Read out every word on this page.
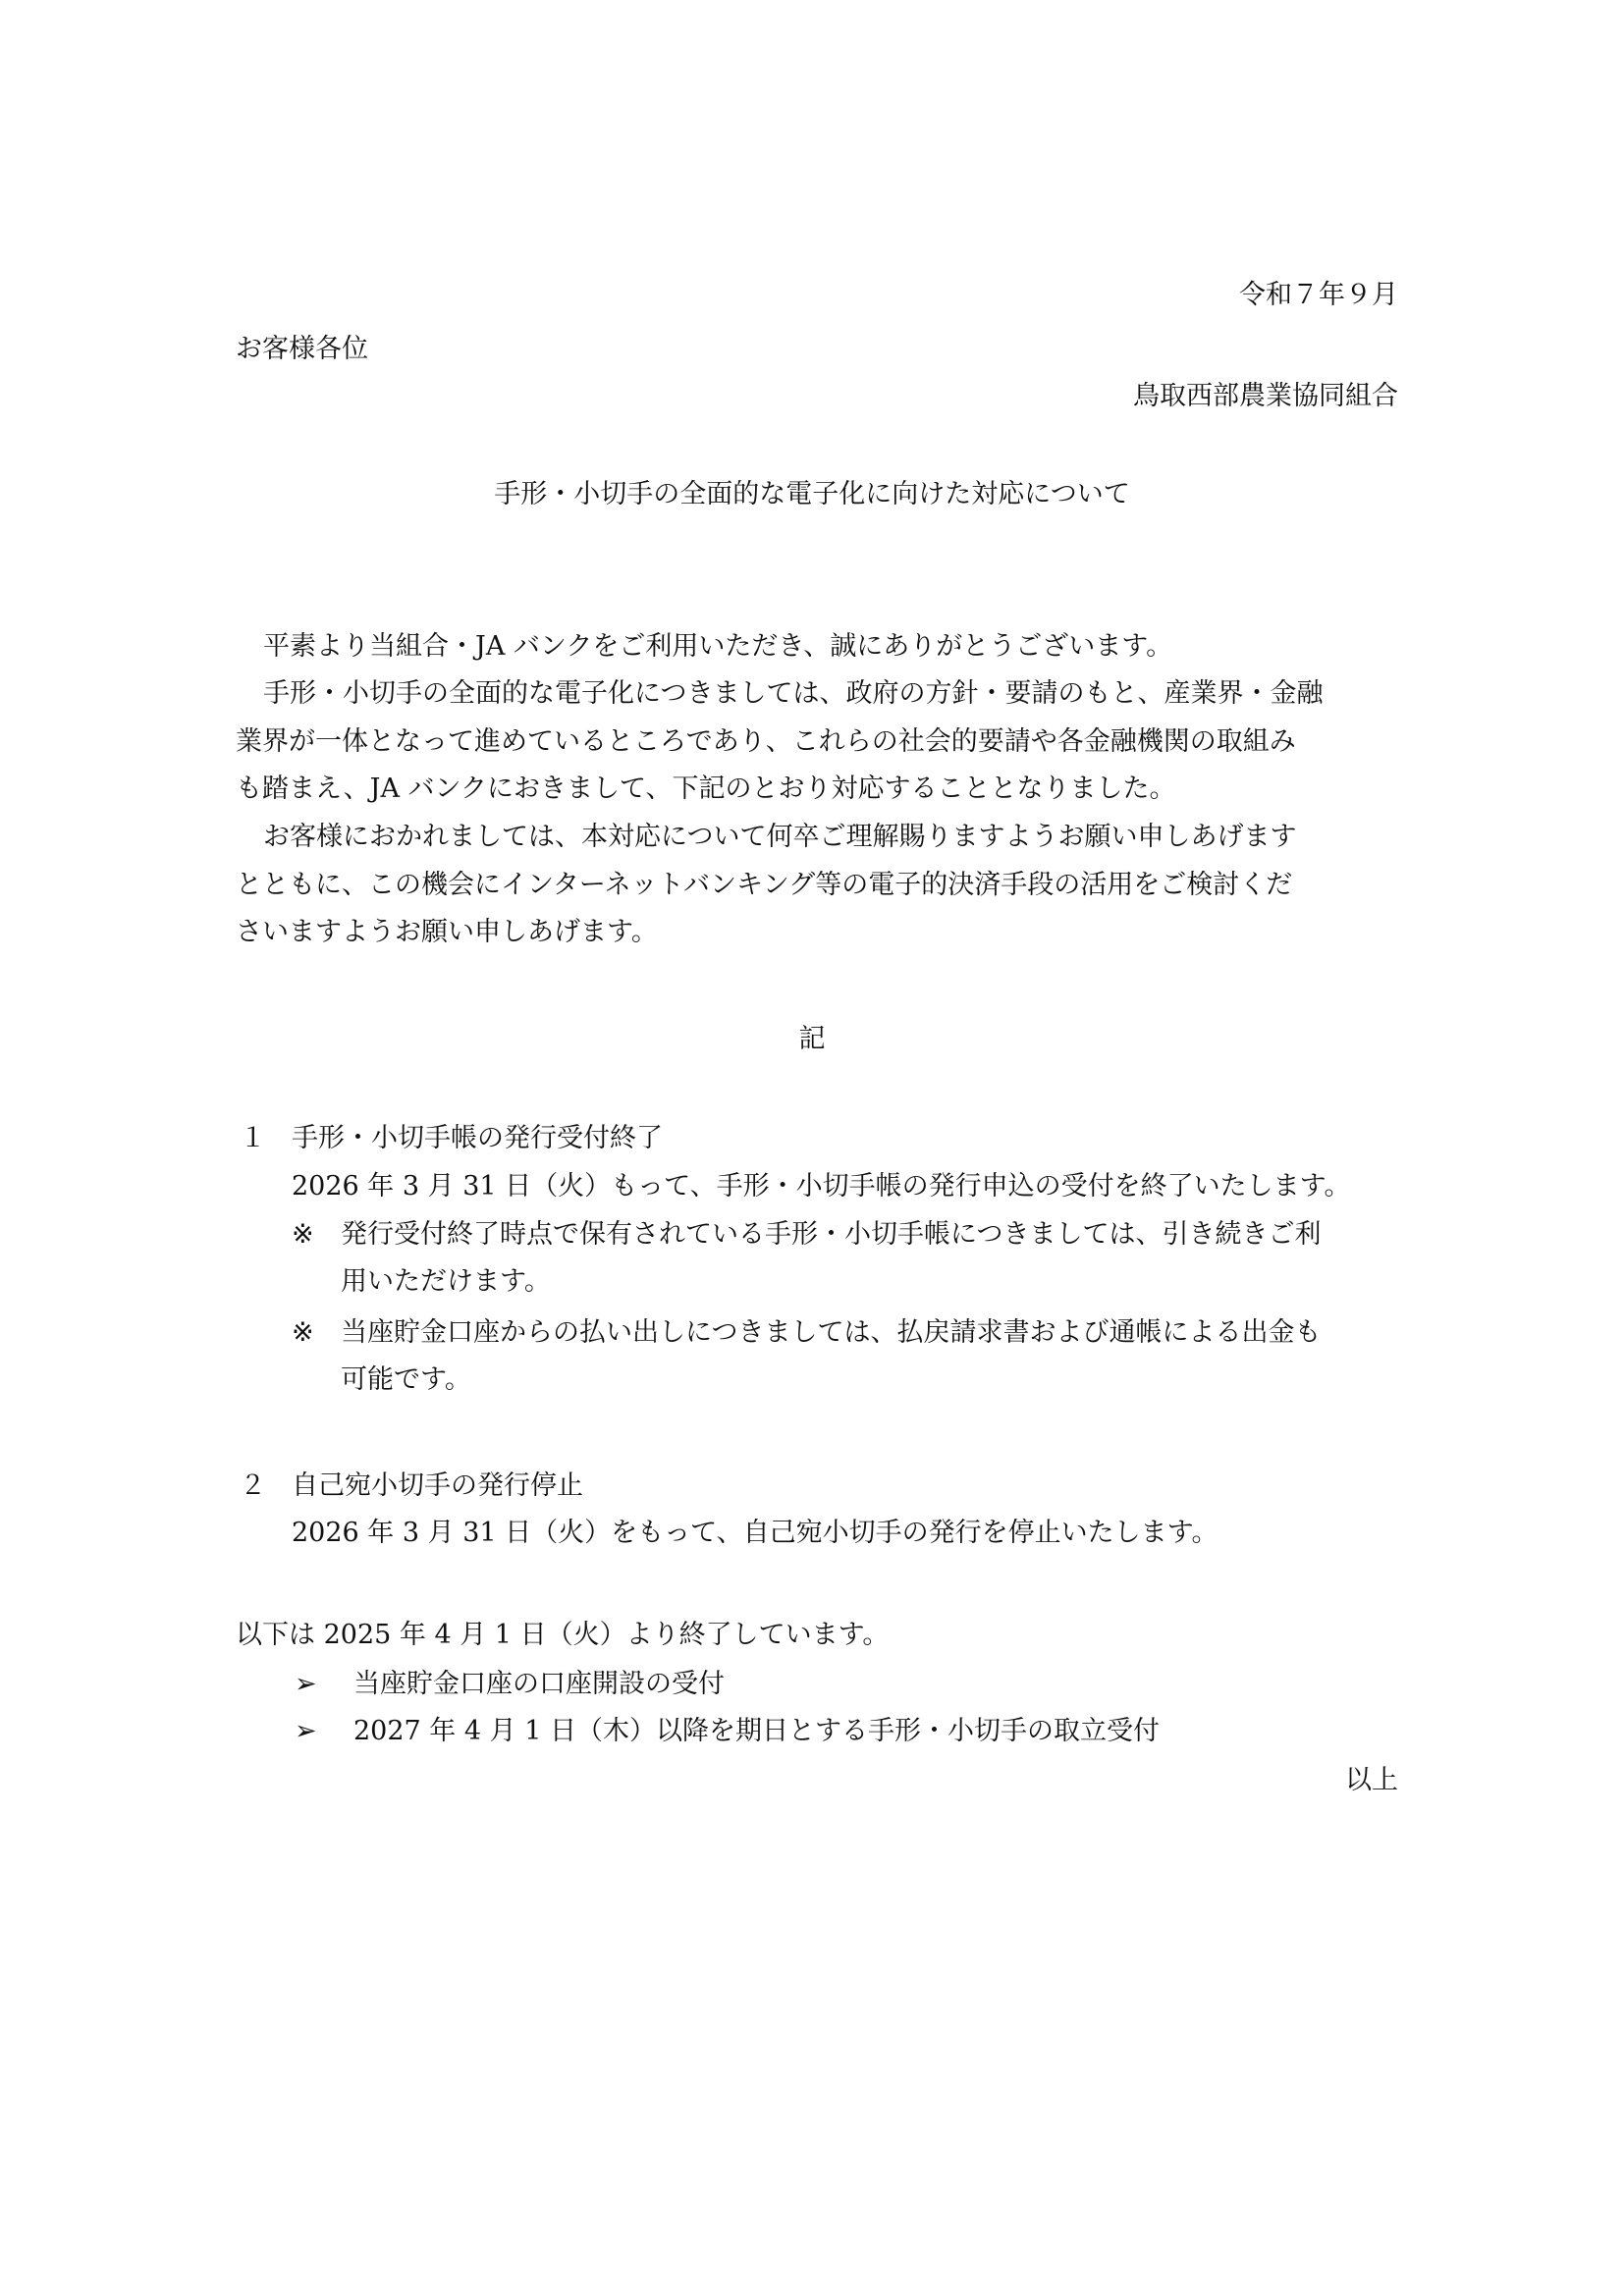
令和７年９月
お客様各位
鳥取西部農業協同組合
手形・小切手の全面的な電子化に向けた対応について
平素より当組合・JA バンクをご利用いただき、誠にありがとうございます。
手形・小切手の全面的な電子化につきましては、政府の方針・要請のもと、産業界・金融
業界が一体となって進めているところであり、これらの社会的要請や各金融機関の取組み
も踏まえ、JA バンクにおきまして、下記のとおり対応することとなりました。
お客様におかれましては、本対応について何卒ご理解賜りますようお願い申しあげます
とともに、この機会にインターネットバンキング等の電子的決済手段の活用をご検討くだ
さいますようお願い申しあげます。
記
１ 手形・小切手帳の発行受付終了
2026 年 3 月 31 日（火）もって、手形・小切手帳の発行申込の受付を終了いたします。
※ 発行受付終了時点で保有されている手形・小切手帳につきましては、引き続きご利
用いただけます。
※ 当座貯金口座からの払い出しにつきましては、払戻請求書および通帳による出金も
可能です。
２ 自己宛小切手の発行停止
2026 年 3 月 31 日（火）をもって、自己宛小切手の発行を停止いたします。
以下は 2025 年 4 月 1 日（火）より終了しています。
➢ 当座貯金口座の口座開設の受付
➢ 2027 年 4 月 1 日（木）以降を期日とする手形・小切手の取立受付
以上
